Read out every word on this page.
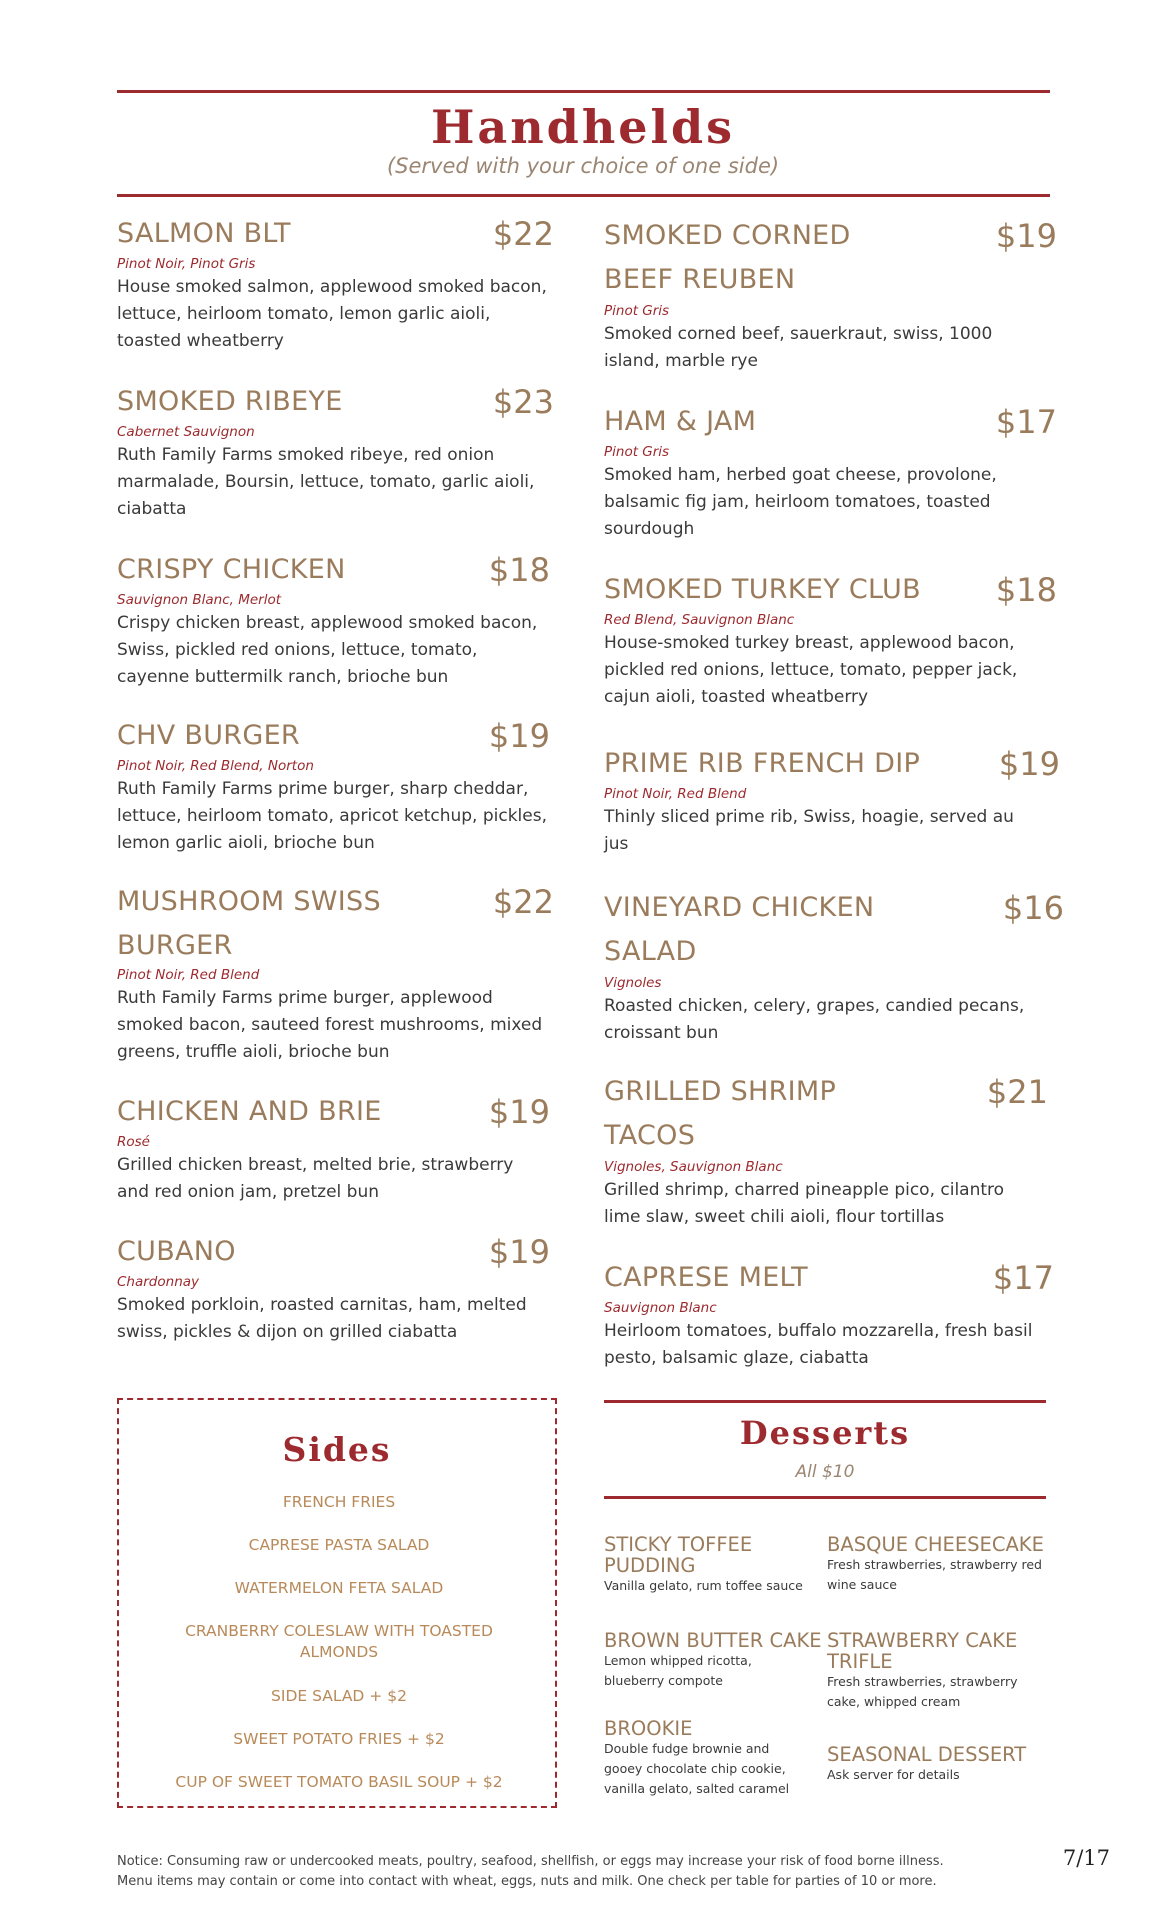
Handhelds
(Served with your choice of one side)
SALMON BLT	$22
Pinot Noir, Pinot Gris
House smoked salmon, applewood smoked bacon, lettuce, heirloom tomato, lemon garlic aioli, toasted wheatberry
SMOKED RIBEYE	$23
Cabernet Sauvignon
Ruth Family Farms smoked ribeye, red onion marmalade, Boursin, lettuce, tomato, garlic aioli, ciabatta
CRISPY CHICKEN	$18
Sauvignon Blanc, Merlot
Crispy chicken breast, applewood smoked bacon, Swiss, pickled red onions, lettuce, tomato, cayenne buttermilk ranch, brioche bun
CHV BURGER	$19
Pinot Noir, Red Blend, Norton
Ruth Family Farms prime burger, sharp cheddar, lettuce, heirloom tomato, apricot ketchup, pickles, lemon garlic aioli, brioche bun
MUSHROOM SWISS BURGER
$22
Pinot Noir, Red Blend
Ruth Family Farms prime burger, applewood smoked bacon, sauteed forest mushrooms, mixed greens, truffle aioli, brioche bun
CHICKEN AND BRIE	$19
Rosé
Grilled chicken breast, melted brie, strawberry and red onion jam, pretzel bun
CUBANO	$19
Chardonnay
Smoked porkloin, roasted carnitas, ham, melted swiss, pickles & dijon on grilled ciabatta
SMOKED CORNED BEEF REUBEN
$19
Pinot Gris
Smoked corned beef, sauerkraut, swiss, 1000 island, marble rye
HAM & JAM	$17
Pinot Gris
Smoked ham, herbed goat cheese, provolone, balsamic fig jam, heirloom tomatoes, toasted sourdough
SMOKED TURKEY CLUB	$18
Red Blend, Sauvignon Blanc
House-smoked turkey breast, applewood bacon, pickled red onions, lettuce, tomato, pepper jack, cajun aioli, toasted wheatberry
PRIME RIB FRENCH DIP	$19
Pinot Noir, Red Blend
Thinly sliced prime rib, Swiss, hoagie, served au jus
VINEYARD CHICKEN SALAD
$16
Vignoles
Roasted chicken, celery, grapes, candied pecans, croissant bun
GRILLED SHRIMP TACOS
$21
Vignoles, Sauvignon Blanc
Grilled shrimp, charred pineapple pico, cilantro lime slaw, sweet chili aioli, flour tortillas
CAPRESE MELT	$17
Sauvignon Blanc
Heirloom tomatoes, buffalo mozzarella, fresh basil pesto, balsamic glaze, ciabatta
Sides
FRENCH FRIES
CAPRESE PASTA SALAD
WATERMELON FETA SALAD
CRANBERRY COLESLAW WITH TOASTED ALMONDS
SIDE SALAD + $2
SWEET POTATO FRIES + $2
CUP OF SWEET TOMATO BASIL SOUP + $2
Desserts
All $10
STICKY TOFFEE PUDDING
Vanilla gelato, rum toffee sauce
BASQUE CHEESECAKE
Fresh strawberries, strawberry red wine sauce
BROWN BUTTER CAKE
Lemon whipped ricotta, blueberry compote
STRAWBERRY CAKE TRIFLE
Fresh strawberries, strawberry cake, whipped cream
BROOKIE
Double fudge brownie and gooey chocolate chip cookie, vanilla gelato, salted caramel
SEASONAL DESSERT
Ask server for details
Notice: Consuming raw or undercooked meats, poultry, seafood, shellfish, or eggs may increase your risk of food borne illness.
Menu items may contain or come into contact with wheat, eggs, nuts and milk. One check per table for parties of 10 or more.
7/17
